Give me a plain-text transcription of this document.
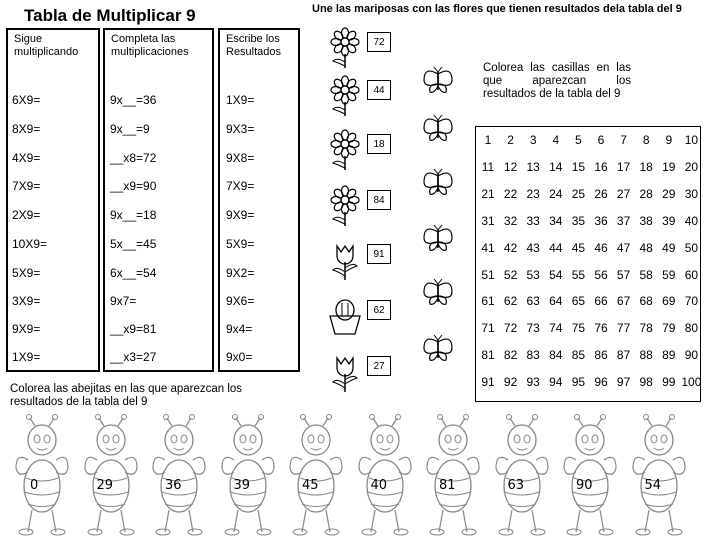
Tabla de Multiplicar 9	Une las mariposas con las flores que tienen resultados dela tabla del 9
Sigue multiplicando
Completa las multiplicaciones
Escribe los Resultados
6X9=	9x__=36	1X9=
8X9=	9x__=9	9X3=
4X9=	__x8=72	9X8=
7X9=	__x9=90	7X9=
2X9=	9x__=18	9X9=
10X9=	5x__=45	5X9=
5X9=	6x__=54	9X2=
3X9=	9x7=	9X6=
9X9=	__x9=81	9x4=
1X9=	__x3=27	9x0=
72
44
18
84
91
62
27
Colorea las casillas en las que aparezcan los resultados de la tabla del 9
1	2	3	4	5	6	7	8	9	10
11 12 13 14 15 16 17 18 19 20
21 22 23 24 25 26 27 28 29 30
31 32 33 34 35 36 37 38 39 40
41 42 43 44 45 46 47 48 49 50
51 52 53 54 55 56 57 58 59 60
61 62 63 64 65 66 67 68 69 70
71 72 73 74 75 76 77 78 79 80
81 82 83 84 85 86 87 88 89 90
91 92 93 94 95 96 97 98 99 100
Colorea las abejitas en las que aparezcan los resultados de la tabla del 9
0	29	36	39	45	40	81	63	90	54
